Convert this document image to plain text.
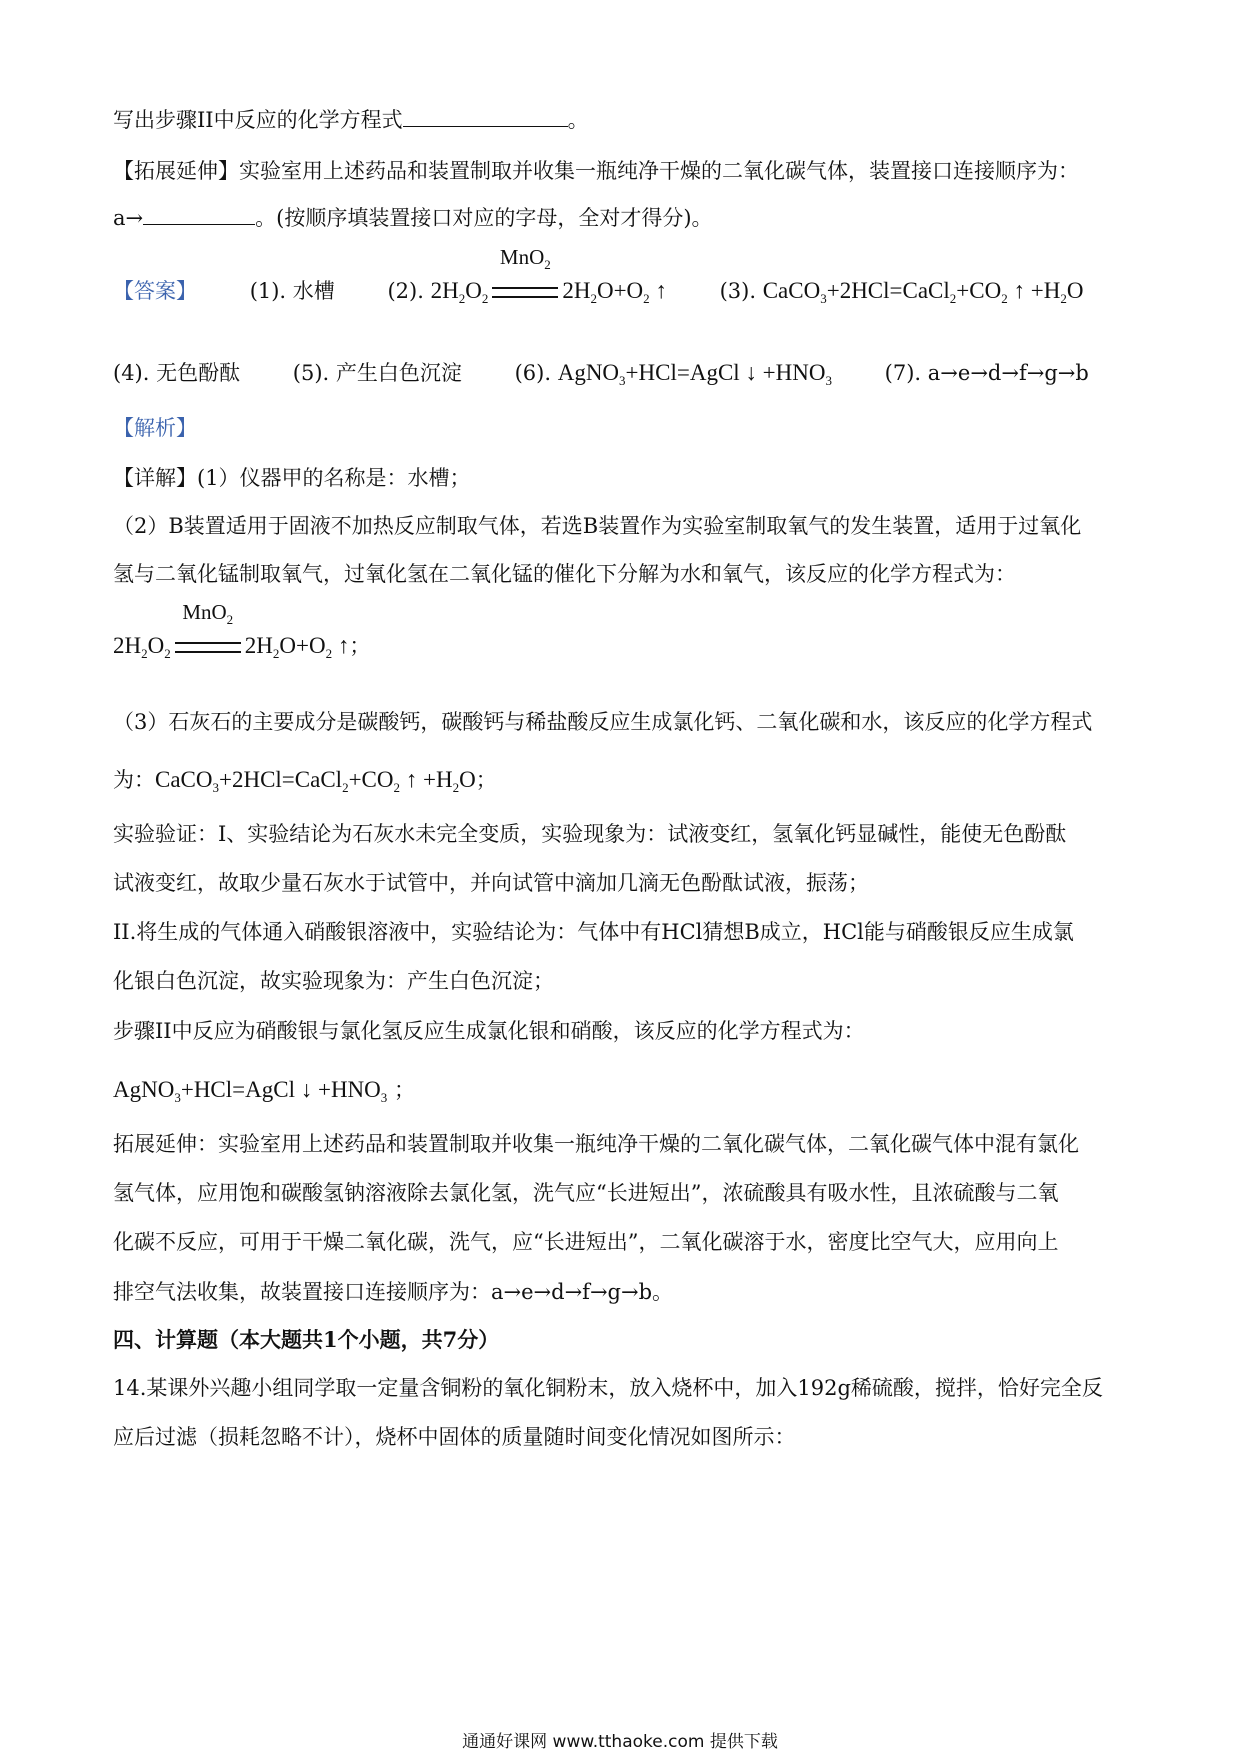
写出步骤II中反应的化学方程式	。
【拓展延伸】实验室用上述药品和装置制取并收集一瓶纯净干燥的二氧化碳气体，装置接口连接顺序为：
a→	。(按顺序填装置接口对应的字母，全对才得分)。
【答案】	(1). 水槽	(2). $2H_2O_2$
MnO$_2$
$2H_2O+O_2$ ↑	(3). $CaCO_3+2HCl=CaCl_2+CO_2$ ↑ $+H_2O$
(4). 无色酚酞	(5). 产生白色沉淀	(6). AgNO$_3$+HCl=AgCl ↓ $+HNO_3$	(7). a→e→d→f→g→b
【解析】
【详解】(1）仪器甲的名称是：水槽；
（2）B装置适用于固液不加热反应制取气体，若选B装置作为实验室制取氧气的发生装置，适用于过氧化
氢与二氧化锰制取氧气，过氧化氢在二氧化锰的催化下分解为水和氧气，该反应的化学方程式为：
$2H_2O_2$
MnO$_2$
$2H_2O+O_2$ ↑；
（3）石灰石的主要成分是碳酸钙，碳酸钙与稀盐酸反应生成氯化钙、二氧化碳和水，该反应的化学方程式
为：$CaCO_3+2HCl=CaCl_2+CO_2$ ↑ $+H_2O$；
实验验证：Ⅰ、实验结论为石灰水未完全变质，实验现象为：试液变红，氢氧化钙显碱性，能使无色酚酞
试液变红，故取少量石灰水于试管中，并向试管中滴加几滴无色酚酞试液，振荡；
II.将生成的气体通入硝酸银溶液中，实验结论为：气体中有HCl猜想B成立，HCl能与硝酸银反应生成氯
化银白色沉淀，故实验现象为：产生白色沉淀；
步骤II中反应为硝酸银与氯化氢反应生成氯化银和硝酸，该反应的化学方程式为：
AgNO$_3$+HCl=AgCl ↓ $+HNO_3$ ；
拓展延伸：实验室用上述药品和装置制取并收集一瓶纯净干燥的二氧化碳气体，二氧化碳气体中混有氯化
氢气体，应用饱和碳酸氢钠溶液除去氯化氢，洗气应“长进短出”，浓硫酸具有吸水性，且浓硫酸与二氧
化碳不反应，可用于干燥二氧化碳，洗气，应“长进短出”，二氧化碳溶于水，密度比空气大，应用向上
排空气法收集，故装置接口连接顺序为：a→e→d→f→g→b。
四、计算题（本大题共1个小题，共7分）
14.某课外兴趣小组同学取一定量含铜粉的氧化铜粉末，放入烧杯中，加入192g稀硫酸，搅拌，恰好完全反
应后过滤（损耗忽略不计），烧杯中固体的质量随时间变化情况如图所示：
通通好课网 www.tthaoke.com 提供下载
